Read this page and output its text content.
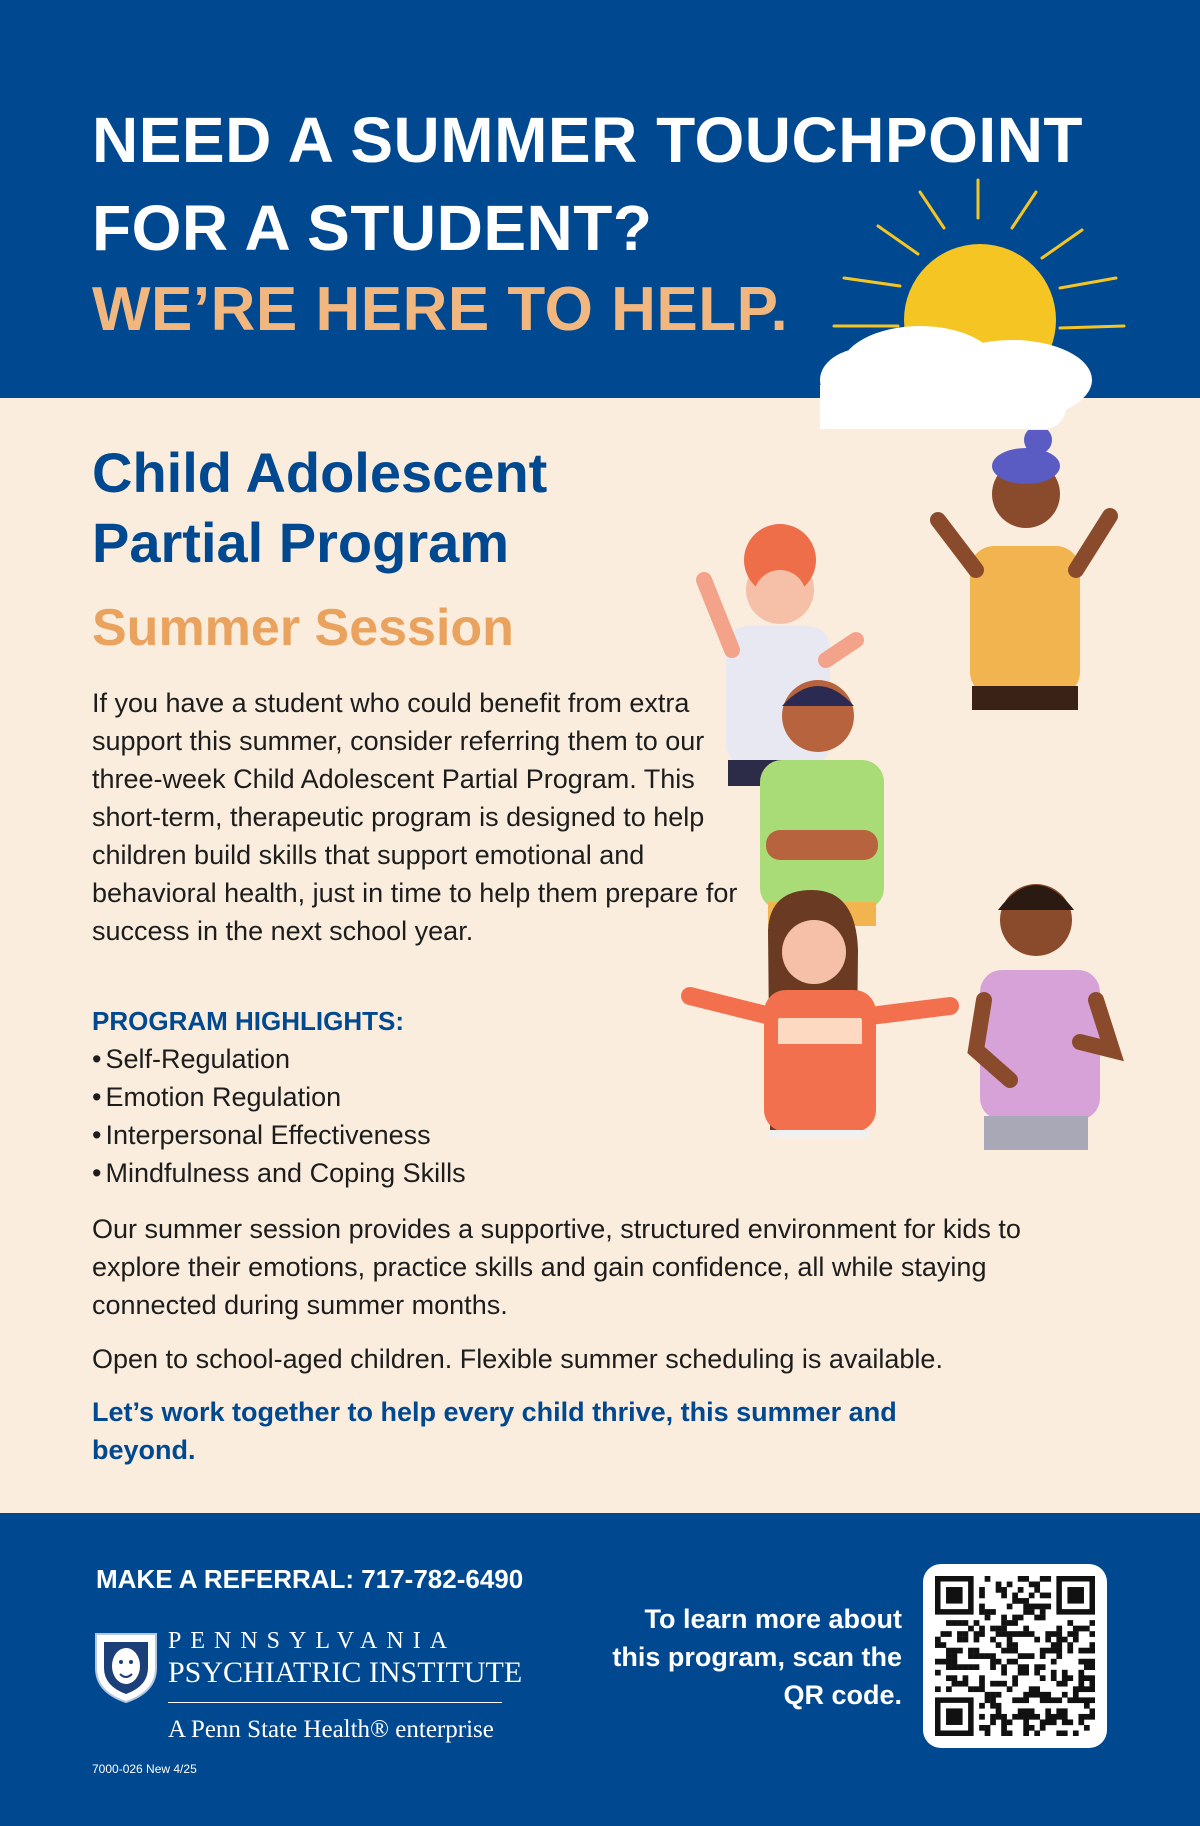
NEED A SUMMER TOUCHPOINT
FOR A STUDENT?
WE’RE HERE TO HELP.
Child Adolescent
Partial Program
Summer Session
If you have a student who could benefit from extra support this summer, consider referring them to our three-week Child Adolescent Partial Program. This short-term, therapeutic program is designed to help children build skills that support emotional and behavioral health, just in time to help them prepare for success in the next school year.
PROGRAM HIGHLIGHTS:
• Self-Regulation
• Emotion Regulation
• Interpersonal Effectiveness
• Mindfulness and Coping Skills
Our summer session provides a supportive, structured environment for kids to explore their emotions, practice skills and gain confidence, all while staying connected during summer months.
Open to school-aged children. Flexible summer scheduling is available.
Let’s work together to help every child thrive, this summer and beyond.
MAKE A REFERRAL: 717-782-6490
PENNSYLVANIA
PSYCHIATRIC INSTITUTE
A Penn State Health® enterprise
7000-026 New 4/25
To learn more about this program, scan the QR code.
